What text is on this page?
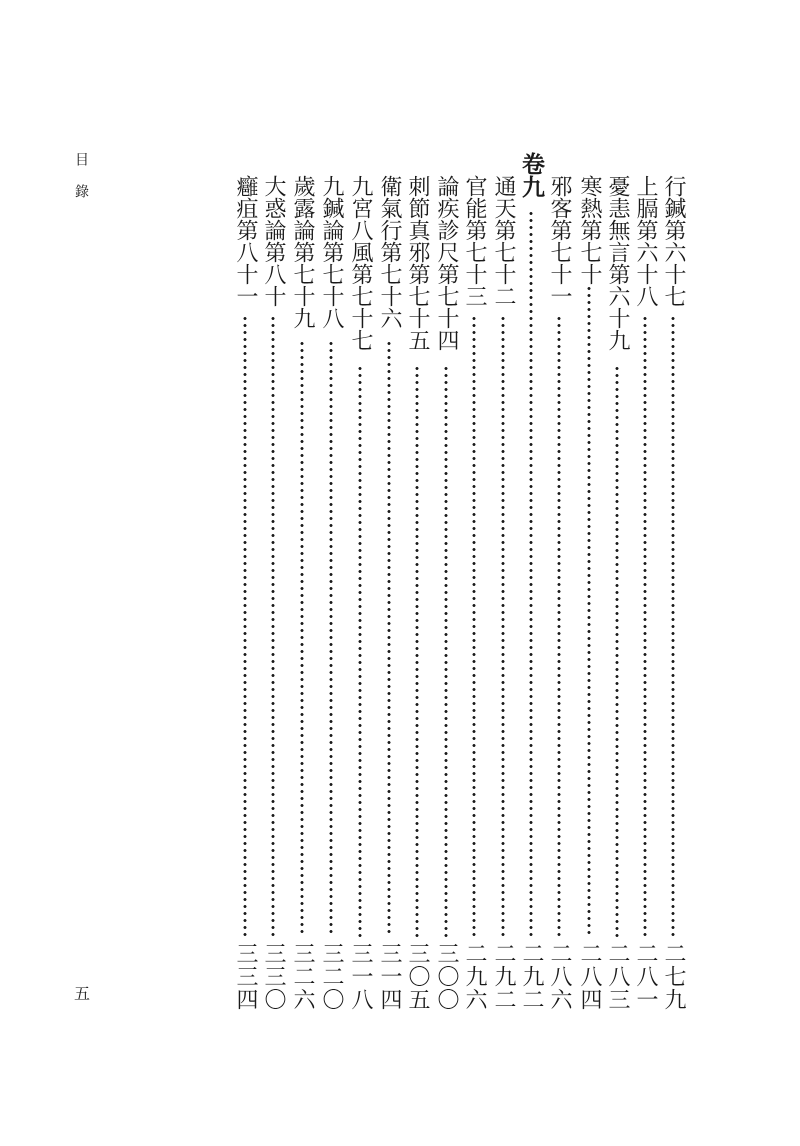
目錄
五
行鍼第六十七
二七九
上膈第六十八
二八一
憂恚無言第六十九
二八三
寒熱第七十
二八四
邪客第七十一
二八六
卷九
二九二
通天第七十二
二九二
官能第七十三
二九六
論疾診尺第七十四
三〇〇
刺節真邪第七十五
三〇五
衛氣行第七十六
三一四
九宮八風第七十七
三一八
九鍼論第七十八
三二〇
歲露論第七十九
三二六
大惑論第八十
三三〇
癰疽第八十一
三三四
